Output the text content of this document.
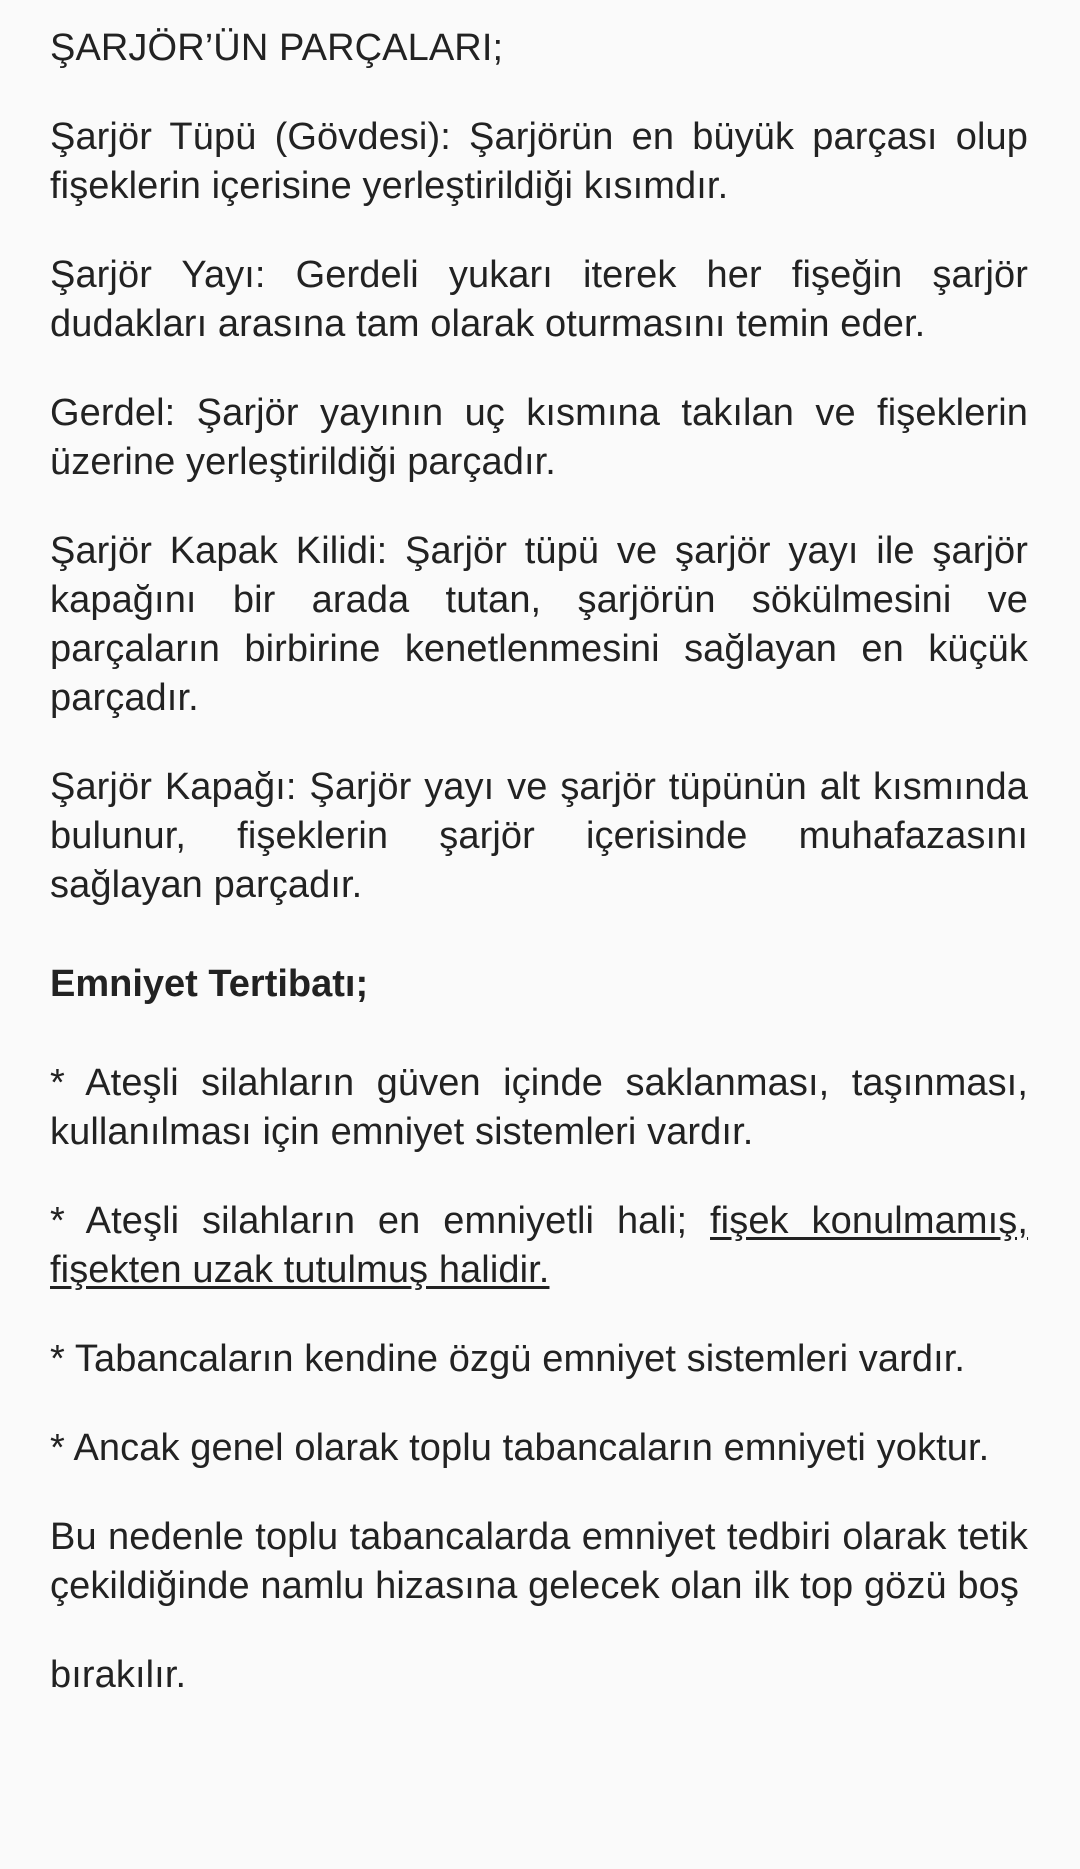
ŞARJÖR’ÜN PARÇALARI;

Şarjör Tüpü (Gövdesi): Şarjörün en büyük parçası olup fişeklerin içerisine yerleştirildiği kısımdır.

Şarjör Yayı: Gerdeli yukarı iterek her fişeğin şarjör dudakları arasına tam olarak oturmasını temin eder.

Gerdel: Şarjör yayının uç kısmına takılan ve fişeklerin üzerine yerleştirildiği parçadır.

Şarjör Kapak Kilidi: Şarjör tüpü ve şarjör yayı ile şarjör kapağını bir arada tutan, şarjörün sökülmesini ve parçaların birbirine kenetlenmesini sağlayan en küçük parçadır.

Şarjör Kapağı: Şarjör yayı ve şarjör tüpünün alt kısmında bulunur, fişeklerin şarjör içerisinde muhafazasını sağlayan parçadır.

Emniyet Tertibatı;

* Ateşli silahların güven içinde saklanması, taşınması, kullanılması için emniyet sistemleri vardır.

* Ateşli silahların en emniyetli hali; fişek konulmamış, fişekten uzak tutulmuş halidir.

* Tabancaların kendine özgü emniyet sistemleri vardır.

* Ancak genel olarak toplu tabancaların emniyeti yoktur.

Bu nedenle toplu tabancalarda emniyet tedbiri olarak tetik çekildiğinde namlu hizasına gelecek olan ilk top gözü boş

bırakılır.
